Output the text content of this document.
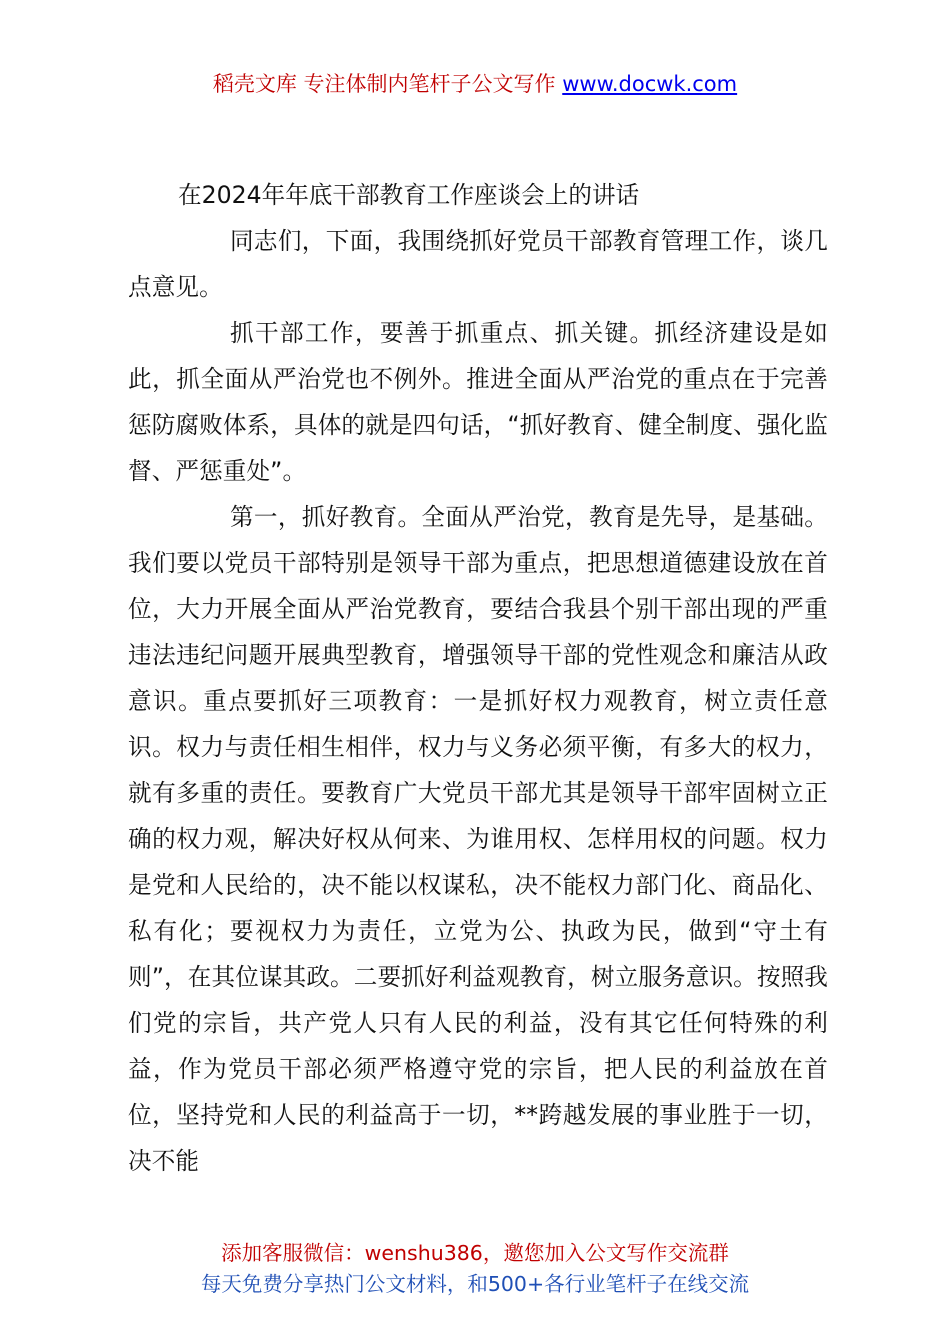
稻壳文库 专注体制内笔杆子公文写作 www.docwk.com
在2024年年底干部教育工作座谈会上的讲话

同志们，下面，我围绕抓好党员干部教育管理工作，谈几点意见。

抓干部工作，要善于抓重点、抓关键。抓经济建设是如此，抓全面从严治党也不例外。推进全面从严治党的重点在于完善惩防腐败体系，具体的就是四句话，“抓好教育、健全制度、强化监督、严惩重处”。

第一，抓好教育。全面从严治党，教育是先导，是基础。我们要以党员干部特别是领导干部为重点，把思想道德建设放在首位，大力开展全面从严治党教育，要结合我县个别干部出现的严重违法违纪问题开展典型教育，增强领导干部的党性观念和廉洁从政意识。重点要抓好三项教育：一是抓好权力观教育，树立责任意识。权力与责任相生相伴，权力与义务必须平衡，有多大的权力，就有多重的责任。要教育广大党员干部尤其是领导干部牢固树立正确的权力观，解决好权从何来、为谁用权、怎样用权的问题。权力是党和人民给的，决不能以权谋私，决不能权力部门化、商品化、私有化；要视权力为责任，立党为公、执政为民，做到“守土有则”，在其位谋其政。二要抓好利益观教育，树立服务意识。按照我们党的宗旨，共产党人只有人民的利益，没有其它任何特殊的利益，作为党员干部必须严格遵守党的宗旨，把人民的利益放在首位，坚持党和人民的利益高于一切，**跨越发展的事业胜于一切，决不能

添加客服微信：wenshu386，邀您加入公文写作交流群
每天免费分享热门公文材料，和500+各行业笔杆子在线交流
